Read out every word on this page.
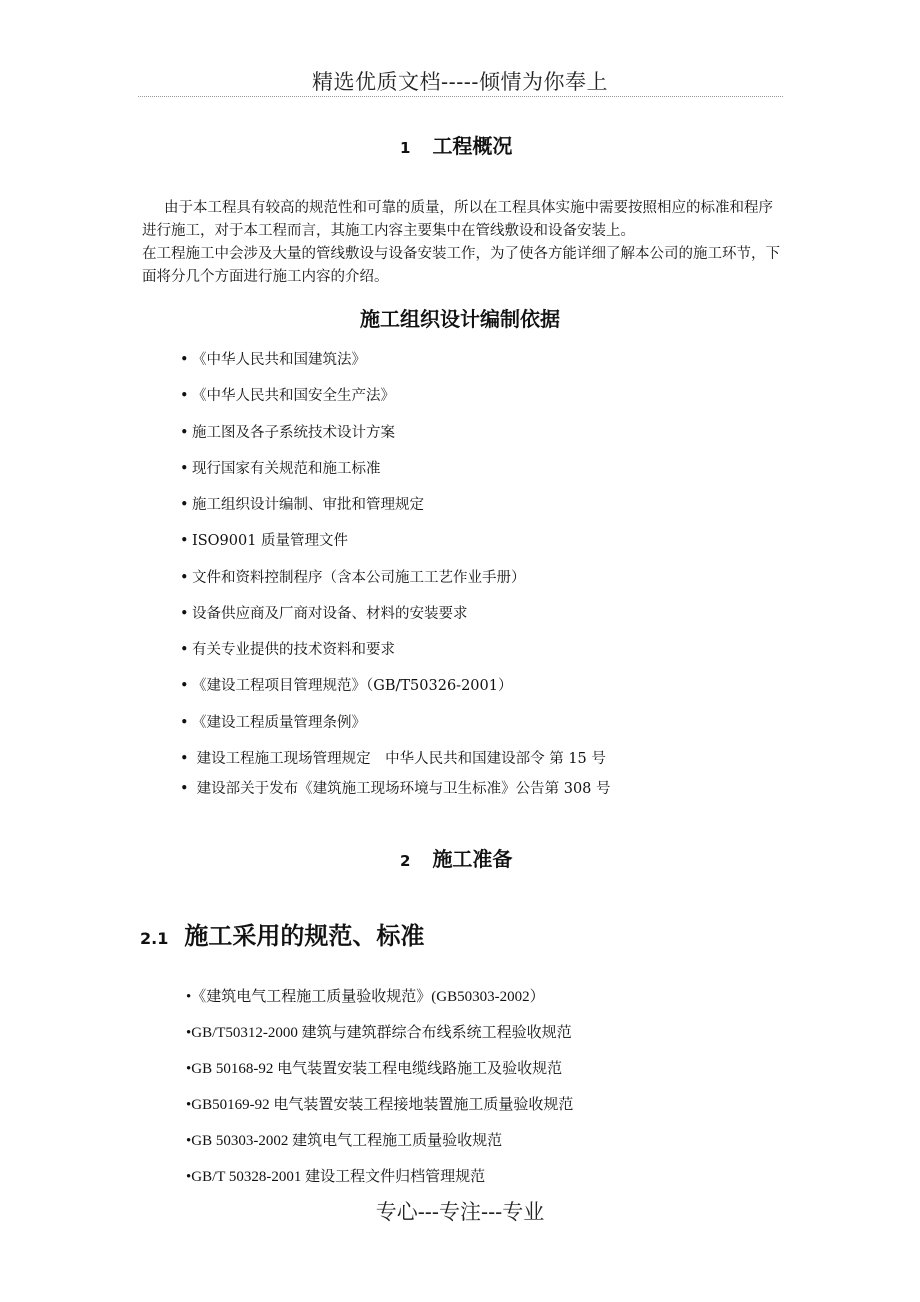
精选优质文档-----倾情为你奉上
1 工程概况

由于本工程具有较高的规范性和可靠的质量，所以在工程具体实施中需要按照相应的标准和程序进行施工，对于本工程而言，其施工内容主要集中在管线敷设和设备安装上。

在工程施工中会涉及大量的管线敷设与设备安装工作，为了使各方能详细了解本公司的施工环节，下面将分几个方面进行施工内容的介绍。

施工组织设计编制依据
• 《中华人民共和国建筑法》
• 《中华人民共和国安全生产法》
• 施工图及各子系统技术设计方案
• 现行国家有关规范和施工标准
• 施工组织设计编制、审批和管理规定
• ISO9001 质量管理文件
• 文件和资料控制程序（含本公司施工工艺作业手册）
• 设备供应商及厂商对设备、材料的安装要求
• 有关专业提供的技术资料和要求
• 《建设工程项目管理规范》（GB/T50326-2001）
• 《建设工程质量管理条例》
• 建设工程施工现场管理规定　中华人民共和国建设部令 第 15 号
• 建设部关于发布《建筑施工现场环境与卫生标准》公告第 308 号
2 施工准备
2.1 施工采用的规范、标准
•《建筑电气工程施工质量验收规范》(GB50303-2002）
•GB/T50312-2000 建筑与建筑群综合布线系统工程验收规范
•GB 50168-92 电气装置安装工程电缆线路施工及验收规范
•GB50169-92 电气装置安装工程接地装置施工质量验收规范
•GB 50303-2002 建筑电气工程施工质量验收规范
•GB/T 50328-2001 建设工程文件归档管理规范
专心---专注---专业
